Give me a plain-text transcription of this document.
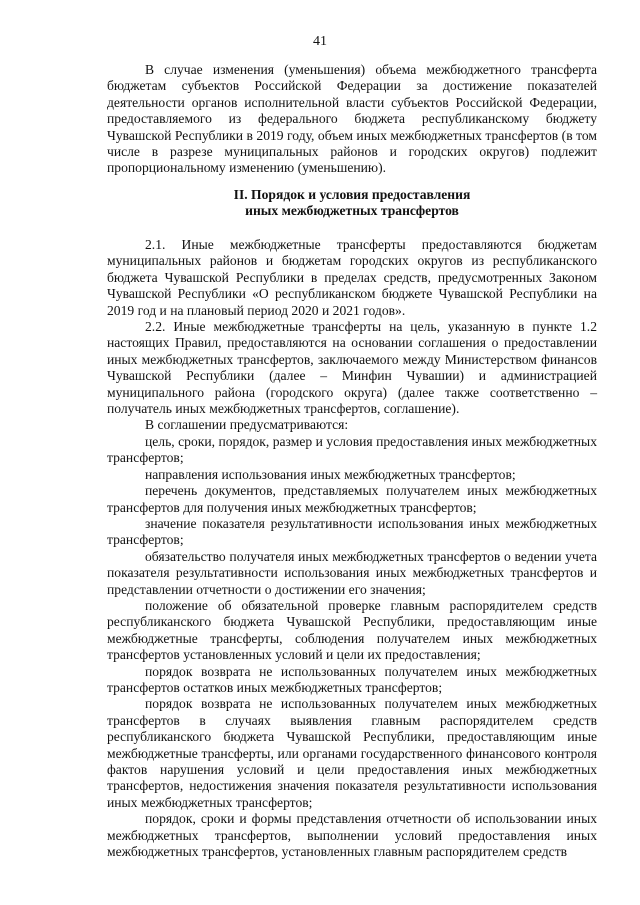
41

В случае изменения (уменьшения) объема межбюджетного трансферта бюджетам субъектов Российской Федерации за достижение показателей деятельности органов исполнительной власти субъектов Российской Федерации, предоставляемого из федерального бюджета республиканскому бюджету Чувашской Республики в 2019 году, объем иных межбюджетных трансфертов (в том числе в разрезе муниципальных районов и городских округов) подлежит пропорциональному изменению (уменьшению).

II. Порядок и условия предоставления
иных межбюджетных трансфертов

2.1. Иные межбюджетные трансферты предоставляются бюджетам муниципальных районов и бюджетам городских округов из республиканского бюджета Чувашской Республики в пределах средств, предусмотренных Законом Чувашской Республики «О республиканском бюджете Чувашской Республики на 2019 год и на плановый период 2020 и 2021 годов».

2.2. Иные межбюджетные трансферты на цель, указанную в пункте 1.2 настоящих Правил, предоставляются на основании соглашения о предоставлении иных межбюджетных трансфертов, заключаемого между Министерством финансов Чувашской Республики (далее – Минфин Чувашии) и администрацией муниципального района (городского округа) (далее также соответственно – получатель иных межбюджетных трансфертов, соглашение).

В соглашении предусматриваются:

цель, сроки, порядок, размер и условия предоставления иных межбюджетных трансфертов;

направления использования иных межбюджетных трансфертов;

перечень документов, представляемых получателем иных межбюджетных трансфертов для получения иных межбюджетных трансфертов;

значение показателя результативности использования иных межбюджетных трансфертов;

обязательство получателя иных межбюджетных трансфертов о ведении учета показателя результативности использования иных межбюджетных трансфертов и представлении отчетности о достижении его значения;

положение об обязательной проверке главным распорядителем средств республиканского бюджета Чувашской Республики, предоставляющим иные межбюджетные трансферты, соблюдения получателем иных межбюджетных трансфертов установленных условий и цели их предоставления;

порядок возврата не использованных получателем иных межбюджетных трансфертов остатков иных межбюджетных трансфертов;

порядок возврата не использованных получателем иных межбюджетных трансфертов в случаях выявления главным распорядителем средств республиканского бюджета Чувашской Республики, предоставляющим иные межбюджетные трансферты, или органами государственного финансового контроля фактов нарушения условий и цели предоставления иных межбюджетных трансфертов, недостижения значения показателя результативности использования иных межбюджетных трансфертов;

порядок, сроки и формы представления отчетности об использовании иных межбюджетных трансфертов, выполнении условий предоставления иных межбюджетных трансфертов, установленных главным распорядителем средств
